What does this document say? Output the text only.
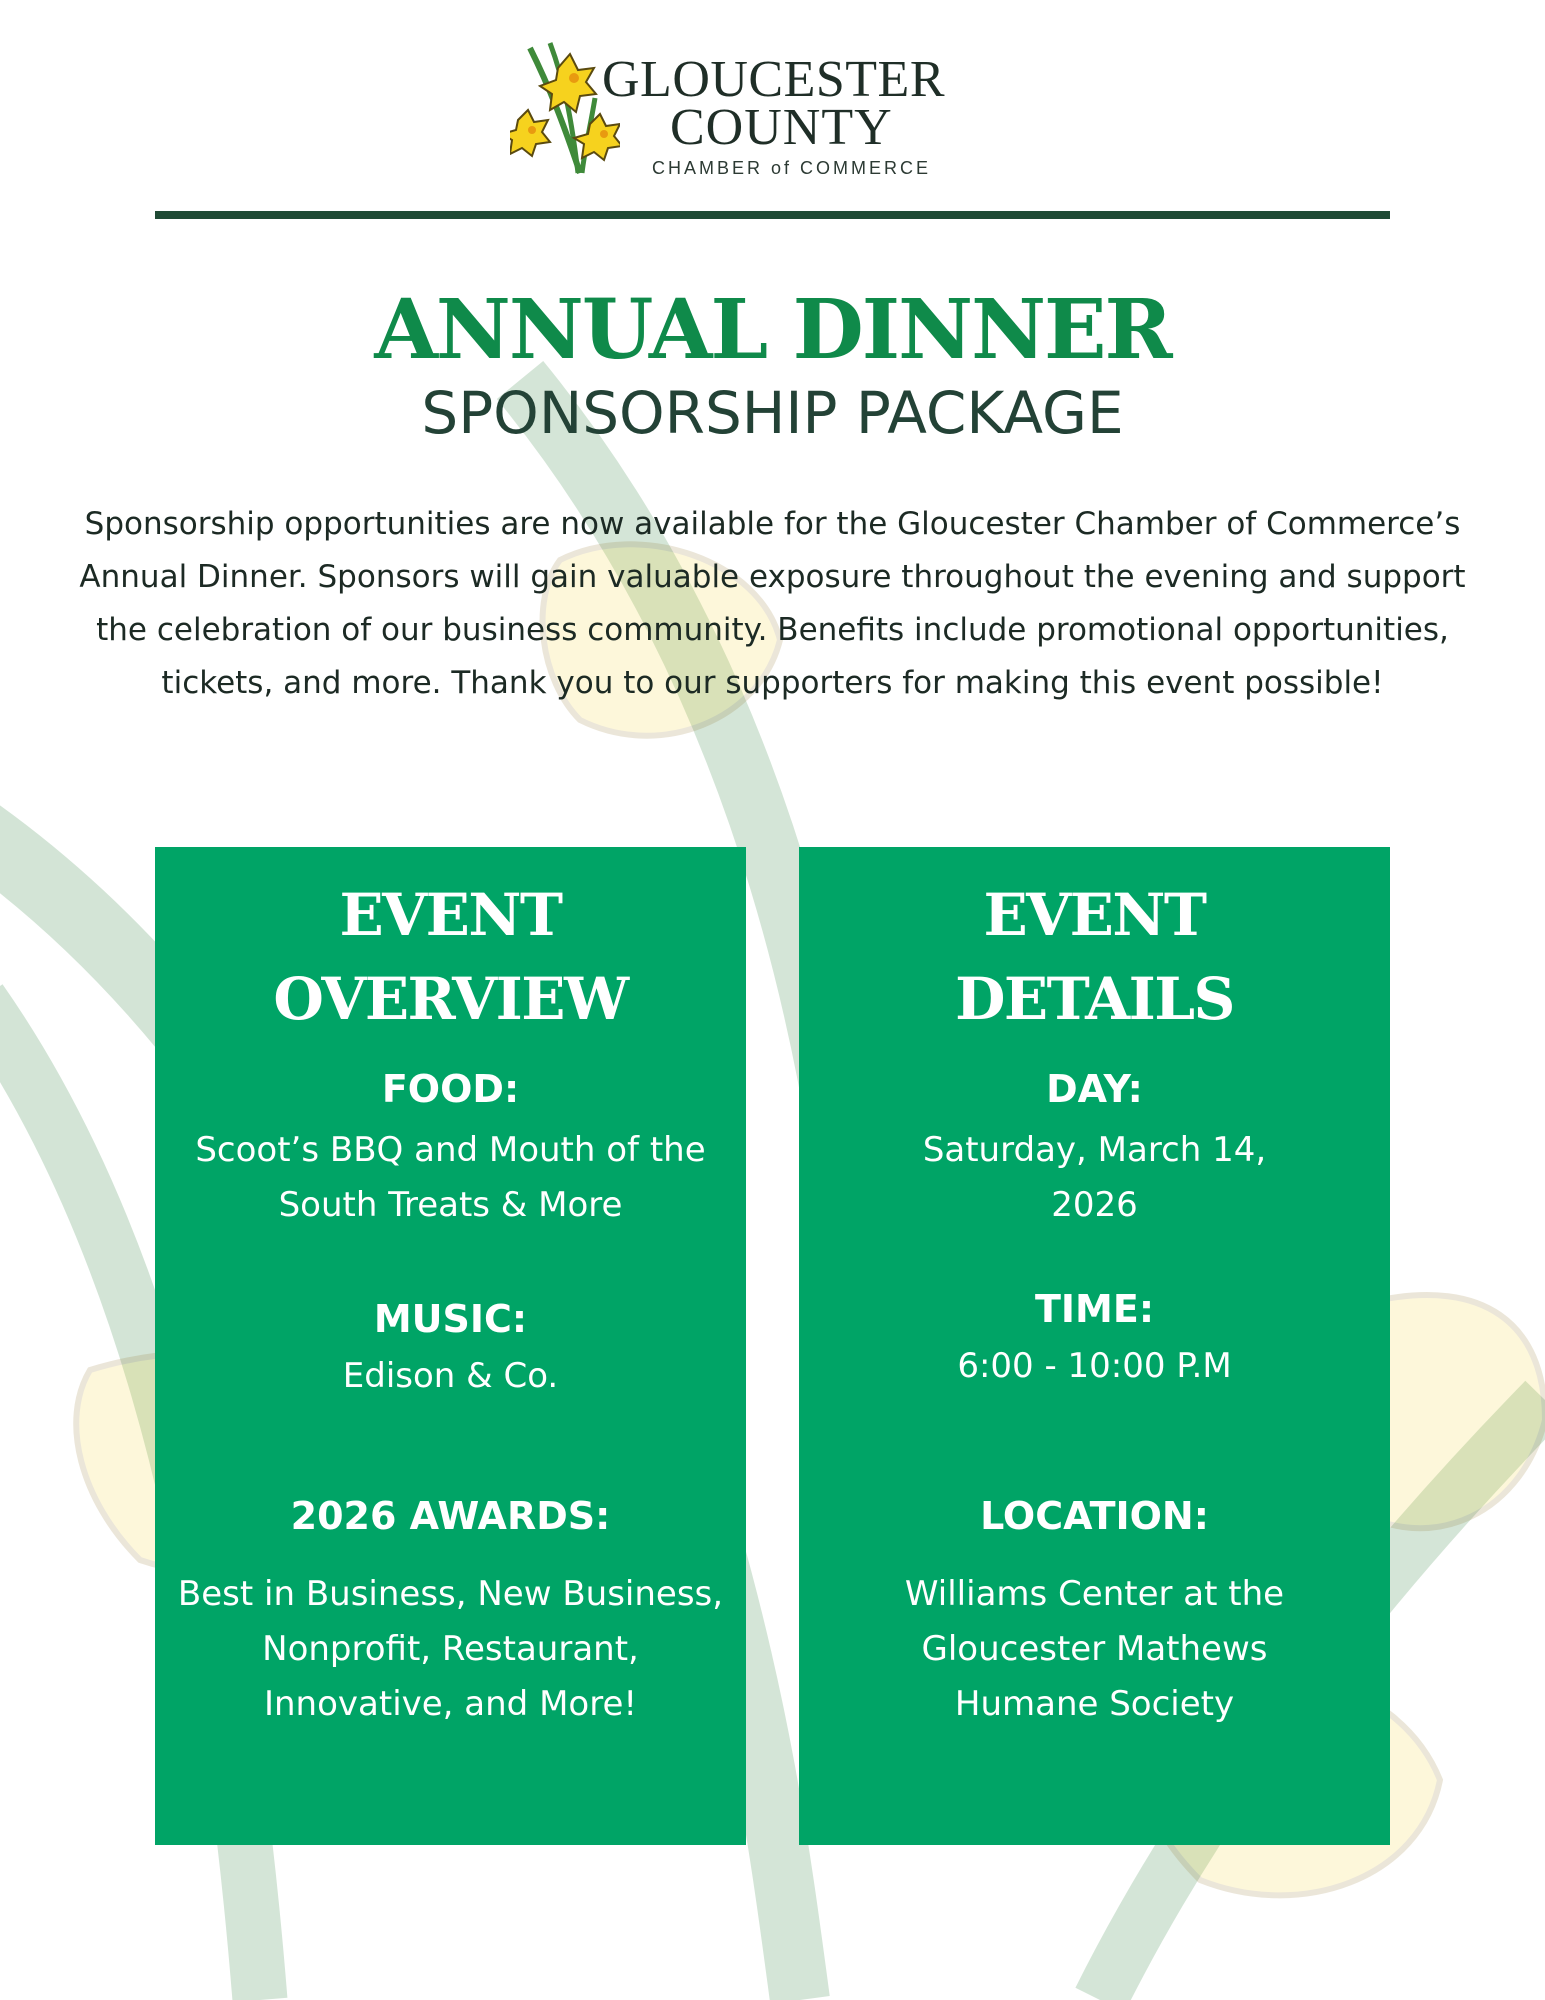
GLOUCESTER
COUNTY
CHAMBER of COMMERCE
ANNUAL DINNER
SPONSORSHIP PACKAGE
Sponsorship opportunities are now available for the Gloucester Chamber of Commerce’s Annual Dinner. Sponsors will gain valuable exposure throughout the evening and support the celebration of our business community. Benefits include promotional opportunities, tickets, and more. Thank you to our supporters for making this event possible!
EVENT
OVERVIEW
FOOD:
Scoot’s BBQ and Mouth of the South Treats & More
MUSIC:
Edison & Co.
2026 AWARDS:
Best in Business, New Business, Nonprofit, Restaurant, Innovative, and More!
EVENT
DETAILS
DAY:
Saturday, March 14, 2026
TIME:
6:00 - 10:00 P.M
LOCATION:
Williams Center at the Gloucester Mathews Humane Society
